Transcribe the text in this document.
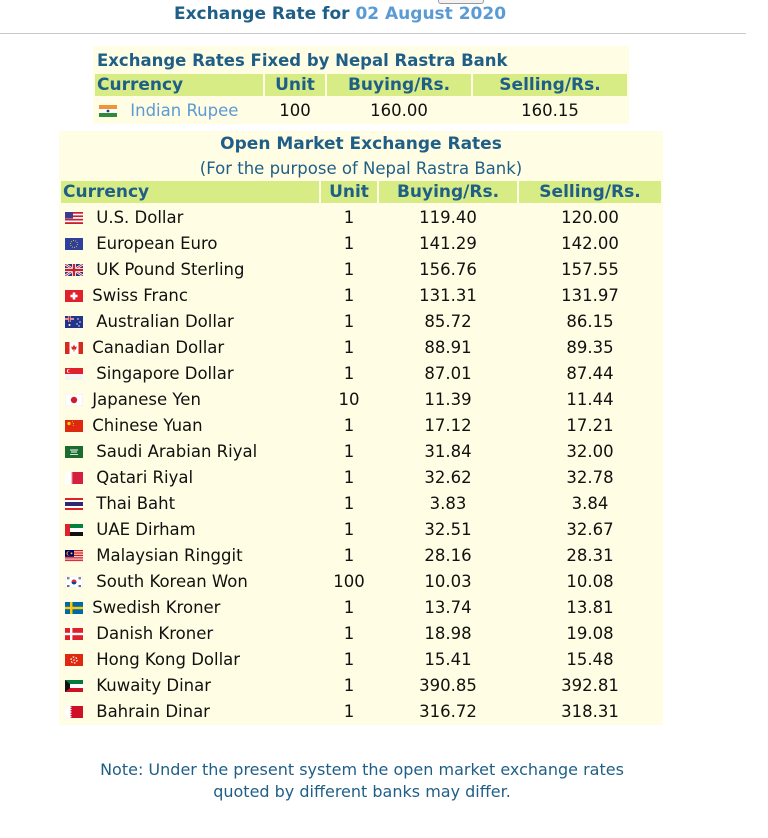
Exchange Rate for 02 August 2020
Exchange Rates Fixed by Nepal Rastra Bank			
Currency	Unit	Buying/Rs.	Selling/Rs.
Indian Rupee	100	160.00	160.15
Open Market Exchange Rates			
(For the purpose of Nepal Rastra Bank)			
Currency	Unit	Buying/Rs.	Selling/Rs.
U.S. Dollar	1	119.40	120.00
European Euro	1	141.29	142.00
UK Pound Sterling	1	156.76	157.55
Swiss Franc	1	131.31	131.97
Australian Dollar	1	85.72	86.15
Canadian Dollar	1	88.91	89.35
Singapore Dollar	1	87.01	87.44
Japanese Yen	10	11.39	11.44
Chinese Yuan	1	17.12	17.21
Saudi Arabian Riyal	1	31.84	32.00
Qatari Riyal	1	32.62	32.78
Thai Baht	1	3.83	3.84
UAE Dirham	1	32.51	32.67
Malaysian Ringgit	1	28.16	28.31
South Korean Won	100	10.03	10.08
Swedish Kroner	1	13.74	13.81
Danish Kroner	1	18.98	19.08
Hong Kong Dollar	1	15.41	15.48
Kuwaity Dinar	1	390.85	392.81
Bahrain Dinar	1	316.72	318.31
Note: Under the present system the open market exchange rates
quoted by different banks may differ.
